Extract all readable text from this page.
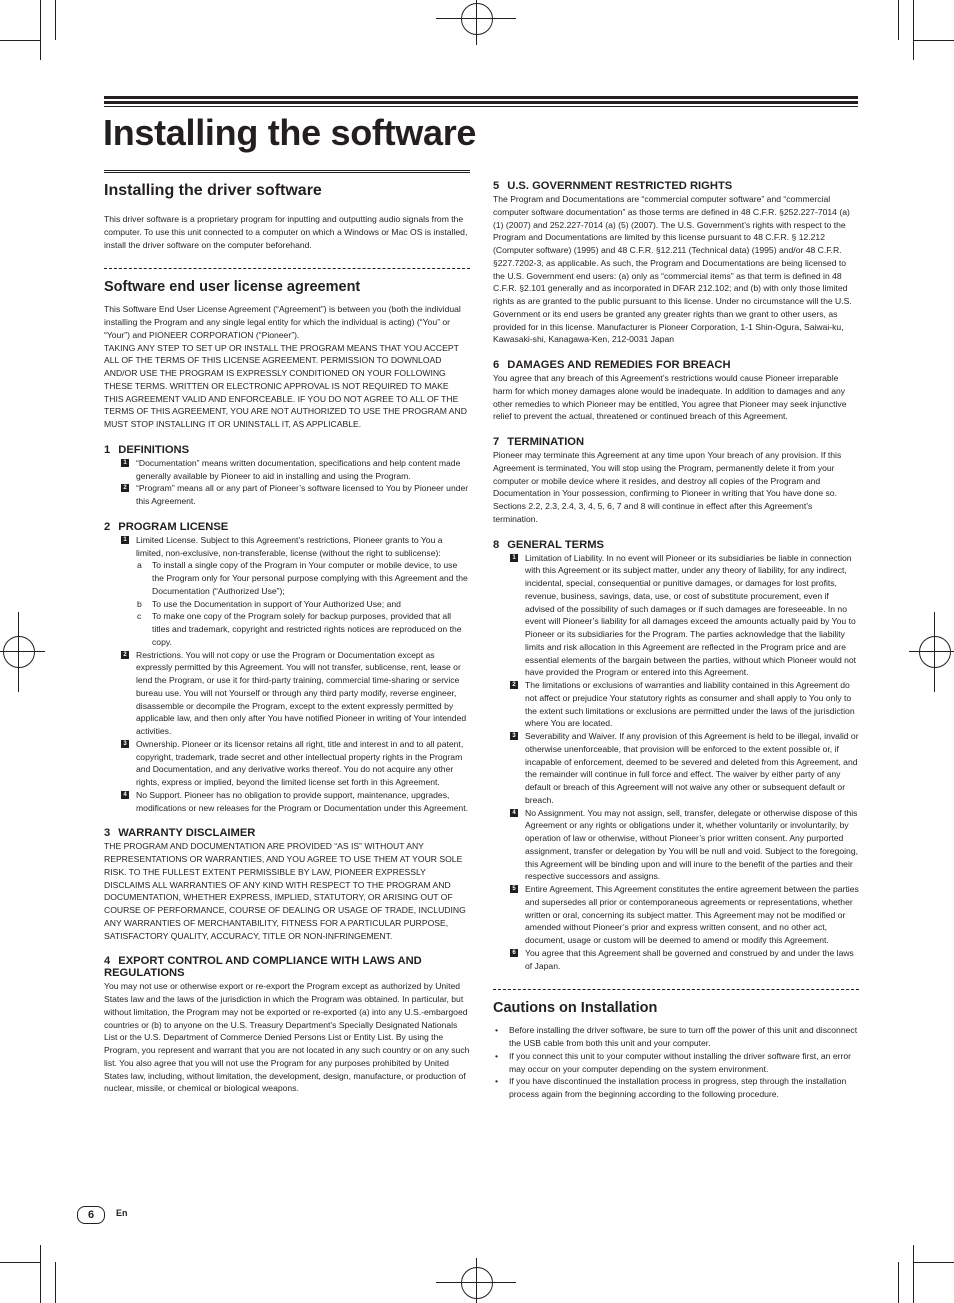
Installing the software
Installing the driver software

This driver software is a proprietary program for inputting and outputting audio signals from the computer. To use this unit connected to a computer on which a Windows or Mac OS is installed, install the driver software on the computer beforehand.

Software end user license agreement

This Software End User License Agreement (“Agreement”) is between you (both the individual installing the Program and any single legal entity for which the individual is acting) (“You” or “Your”) and PIONEER CORPORATION (“Pioneer”).

TAKING ANY STEP TO SET UP OR INSTALL THE PROGRAM MEANS THAT YOU ACCEPT ALL OF THE TERMS OF THIS LICENSE AGREEMENT. PERMISSION TO DOWNLOAD AND/OR USE THE PROGRAM IS EXPRESSLY CONDITIONED ON YOUR FOLLOWING THESE TERMS. WRITTEN OR ELECTRONIC APPROVAL IS NOT REQUIRED TO MAKE THIS AGREEMENT VALID AND ENFORCEABLE. IF YOU DO NOT AGREE TO ALL OF THE TERMS OF THIS AGREEMENT, YOU ARE NOT AUTHORIZED TO USE THE PROGRAM AND MUST STOP INSTALLING IT OR UNINSTALL IT, AS APPLICABLE.

1 DEFINITIONS
1 “Documentation” means written documentation, specifications and help content made generally available by Pioneer to aid in installing and using the Program.
2 “Program” means all or any part of Pioneer’s software licensed to You by Pioneer under this Agreement.
2 PROGRAM LICENSE
1 Limited License. Subject to this Agreement’s restrictions, Pioneer grants to You a limited, non-exclusive, non-transferable, license (without the right to sublicense):
a To install a single copy of the Program in Your computer or mobile device, to use the Program only for Your personal purpose complying with this Agreement and the Documentation (“Authorized Use”);
b To use the Documentation in support of Your Authorized Use; and
c To make one copy of the Program solely for backup purposes, provided that all titles and trademark, copyright and restricted rights notices are reproduced on the copy.
2 Restrictions. You will not copy or use the Program or Documentation except as expressly permitted by this Agreement. You will not transfer, sublicense, rent, lease or lend the Program, or use it for third-party training, commercial time-sharing or service bureau use. You will not Yourself or through any third party modify, reverse engineer, disassemble or decompile the Program, except to the extent expressly permitted by applicable law, and then only after You have notified Pioneer in writing of Your intended activities.
3 Ownership. Pioneer or its licensor retains all right, title and interest in and to all patent, copyright, trademark, trade secret and other intellectual property rights in the Program and Documentation, and any derivative works thereof. You do not acquire any other rights, express or implied, beyond the limited license set forth in this Agreement.
4 No Support. Pioneer has no obligation to provide support, maintenance, upgrades, modifications or new releases for the Program or Documentation under this Agreement.
3 WARRANTY DISCLAIMER

THE PROGRAM AND DOCUMENTATION ARE PROVIDED “AS IS” WITHOUT ANY REPRESENTATIONS OR WARRANTIES, AND YOU AGREE TO USE THEM AT YOUR SOLE RISK. TO THE FULLEST EXTENT PERMISSIBLE BY LAW, PIONEER EXPRESSLY DISCLAIMS ALL WARRANTIES OF ANY KIND WITH RESPECT TO THE PROGRAM AND DOCUMENTATION, WHETHER EXPRESS, IMPLIED, STATUTORY, OR ARISING OUT OF COURSE OF PERFORMANCE, COURSE OF DEALING OR USAGE OF TRADE, INCLUDING ANY WARRANTIES OF MERCHANTABILITY, FITNESS FOR A PARTICULAR PURPOSE, SATISFACTORY QUALITY, ACCURACY, TITLE OR NON-INFRINGEMENT.

4 EXPORT CONTROL AND COMPLIANCE WITH LAWS AND REGULATIONS

You may not use or otherwise export or re-export the Program except as authorized by United States law and the laws of the jurisdiction in which the Program was obtained. In particular, but without limitation, the Program may not be exported or re-exported (a) into any U.S.-embargoed countries or (b) to anyone on the U.S. Treasury Department’s Specially Designated Nationals List or the U.S. Department of Commerce Denied Persons List or Entity List. By using the Program, you represent and warrant that you are not located in any such country or on any such list. You also agree that you will not use the Program for any purposes prohibited by United States law, including, without limitation, the development, design, manufacture, or production of nuclear, missile, or chemical or biological weapons.

5 U.S. GOVERNMENT RESTRICTED RIGHTS

The Program and Documentations are “commercial computer software” and “commercial computer software documentation” as those terms are defined in 48 C.F.R. §252.227-7014 (a) (1) (2007) and 252.227-7014 (a) (5) (2007). The U.S. Government’s rights with respect to the Program and Documentations are limited by this license pursuant to 48 C.F.R. § 12.212 (Computer software) (1995) and 48 C.F.R. §12.211 (Technical data) (1995) and/or 48 C.F.R. §227.7202-3, as applicable. As such, the Program and Documentations are being licensed to the U.S. Government end users: (a) only as “commercial items” as that term is defined in 48 C.F.R. §2.101 generally and as incorporated in DFAR 212.102; and (b) with only those limited rights as are granted to the public pursuant to this license. Under no circumstance will the U.S. Government or its end users be granted any greater rights than we grant to other users, as provided for in this license. Manufacturer is Pioneer Corporation, 1-1 Shin-Ogura, Saiwai-ku, Kawasaki-shi, Kanagawa-Ken, 212-0031 Japan

6 DAMAGES AND REMEDIES FOR BREACH

You agree that any breach of this Agreement’s restrictions would cause Pioneer irreparable harm for which money damages alone would be inadequate. In addition to damages and any other remedies to which Pioneer may be entitled, You agree that Pioneer may seek injunctive relief to prevent the actual, threatened or continued breach of this Agreement.

7 TERMINATION

Pioneer may terminate this Agreement at any time upon Your breach of any provision. If this Agreement is terminated, You will stop using the Program, permanently delete it from your computer or mobile device where it resides, and destroy all copies of the Program and Documentation in Your possession, confirming to Pioneer in writing that You have done so. Sections 2.2, 2.3, 2.4, 3, 4, 5, 6, 7 and 8 will continue in effect after this Agreement’s termination.

8 GENERAL TERMS
1 Limitation of Liability. In no event will Pioneer or its subsidiaries be liable in connection with this Agreement or its subject matter, under any theory of liability, for any indirect, incidental, special, consequential or punitive damages, or damages for lost profits, revenue, business, savings, data, use, or cost of substitute procurement, even if advised of the possibility of such damages or if such damages are foreseeable. In no event will Pioneer’s liability for all damages exceed the amounts actually paid by You to Pioneer or its subsidiaries for the Program. The parties acknowledge that the liability limits and risk allocation in this Agreement are reflected in the Program price and are essential elements of the bargain between the parties, without which Pioneer would not have provided the Program or entered into this Agreement.
2 The limitations or exclusions of warranties and liability contained in this Agreement do not affect or prejudice Your statutory rights as consumer and shall apply to You only to the extent such limitations or exclusions are permitted under the laws of the jurisdiction where You are located.
3 Severability and Waiver. If any provision of this Agreement is held to be illegal, invalid or otherwise unenforceable, that provision will be enforced to the extent possible or, if incapable of enforcement, deemed to be severed and deleted from this Agreement, and the remainder will continue in full force and effect. The waiver by either party of any default or breach of this Agreement will not waive any other or subsequent default or breach.
4 No Assignment. You may not assign, sell, transfer, delegate or otherwise dispose of this Agreement or any rights or obligations under it, whether voluntarily or involuntarily, by operation of law or otherwise, without Pioneer’s prior written consent. Any purported assignment, transfer or delegation by You will be null and void. Subject to the foregoing, this Agreement will be binding upon and will inure to the benefit of the parties and their respective successors and assigns.
5 Entire Agreement. This Agreement constitutes the entire agreement between the parties and supersedes all prior or contemporaneous agreements or representations, whether written or oral, concerning its subject matter. This Agreement may not be modified or amended without Pioneer’s prior and express written consent, and no other act, document, usage or custom will be deemed to amend or modify this Agreement.
6 You agree that this Agreement shall be governed and construed by and under the laws of Japan.
Cautions on Installation
• Before installing the driver software, be sure to turn off the power of this unit and disconnect the USB cable from both this unit and your computer.
• If you connect this unit to your computer without installing the driver software first, an error may occur on your computer depending on the system environment.
• If you have discontinued the installation process in progress, step through the installation process again from the beginning according to the following procedure.
6	En
